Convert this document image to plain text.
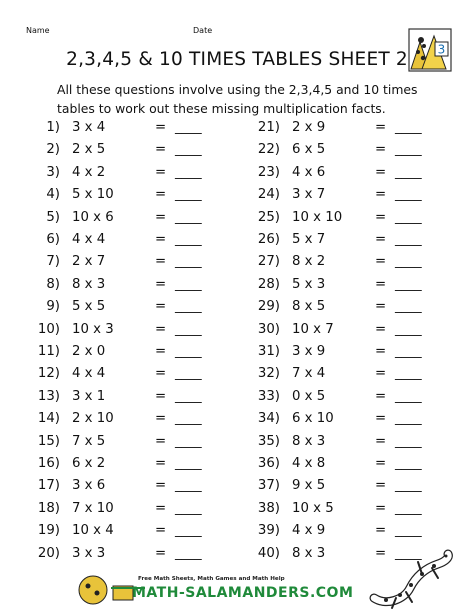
Name	Date
2,3,4,5 & 10 TIMES TABLES SHEET 2	3
All these questions involve using the 2,3,4,5 and 10 times tables to work out these missing multiplication facts.
1) 3 x 4	= ____
2) 2 x 5	= ____
3) 4 x 2	= ____
4) 5 x 10	= ____
5) 10 x 6	= ____
6) 4 x 4	= ____
7) 2 x 7	= ____
8) 8 x 3	= ____
9) 5 x 5	= ____
10) 10 x 3	= ____
11) 2 x 0	= ____
12) 4 x 4	= ____
13) 3 x 1	= ____
14) 2 x 10	= ____
15) 7 x 5	= ____
16) 6 x 2	= ____
17) 3 x 6	= ____
18) 7 x 10	= ____
19) 10 x 4	= ____
20) 3 x 3	= ____
21) 2 x 9	= ____
22) 6 x 5	= ____
23) 4 x 6	= ____
24) 3 x 7	= ____
25) 10 x 10 = ____
26) 5 x 7	= ____
27) 8 x 2	= ____
28) 5 x 3	= ____
29) 8 x 5	= ____
30) 10 x 7	= ____
31) 3 x 9	= ____
32) 7 x 4	= ____
33) 0 x 5	= ____
34) 6 x 10	= ____
35) 8 x 3	= ____
36) 4 x 8	= ____
37) 9 x 5	= ____
38) 10 x 5	= ____
39) 4 x 9	= ____
40) 8 x 3	= ____
Free Math Sheets, Math Games and Math Help
MATH-SALAMANDERS.COM
